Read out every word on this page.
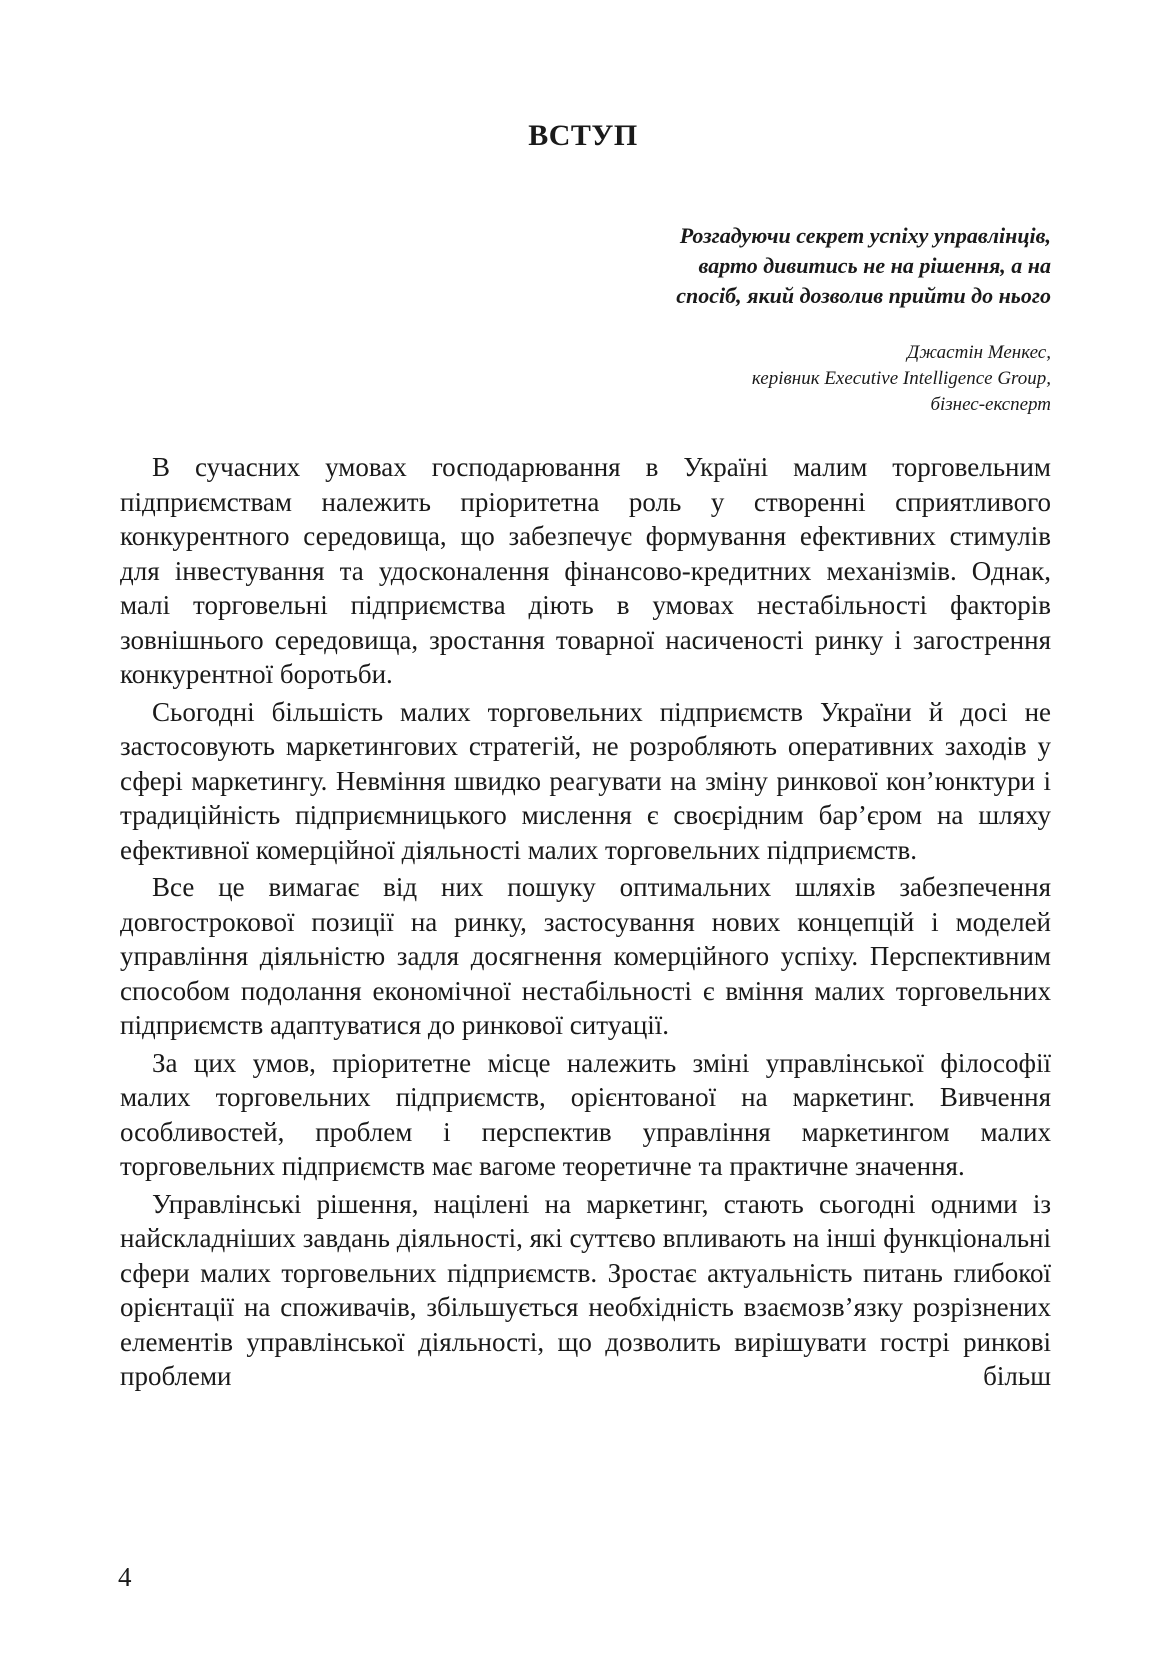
ВСТУП
Розгадуючи секрет успіху управлінців,
варто дивитись не на рішення, а на
спосіб, який дозволив прийти до нього
Джастін Менкес,
керівник Executive Intelligence Group,
бізнес-експерт

В сучасних умовах господарювання в Україні малим торговельним підприємствам належить пріоритетна роль у створенні сприятливого конкурентного середовища, що забезпечує формування ефективних стимулів для інвестування та удосконалення фінансово-кредитних механізмів. Однак, малі торговельні підприємства діють в умовах нестабільності факторів зовнішнього середовища, зростання товарної насиченості ринку і загострення конкурентної боротьби.

Сьогодні більшість малих торговельних підприємств України й досі не застосовують маркетингових стратегій, не розробляють оперативних заходів у сфері маркетингу. Невміння швидко реагувати на зміну ринкової кон’юнктури і традиційність підприємницького мислення є своєрідним бар’єром на шляху ефективної комерційної діяльності малих торговельних підприємств.

Все це вимагає від них пошуку оптимальних шляхів забезпечення довгострокової позиції на ринку, застосування нових концепцій і моделей управління діяльністю задля досягнення комерційного успіху. Перспективним способом подолання економічної нестабільності є вміння малих торговельних підприємств адаптуватися до ринкової ситуації.

За цих умов, пріоритетне місце належить зміні управлінської філософії малих торговельних підприємств, орієнтованої на маркетинг. Вивчення особливостей, проблем і перспектив управління маркетингом малих торговельних підприємств має вагоме теоретичне та практичне значення.

Управлінські рішення, націлені на маркетинг, стають сьогодні одними із найскладніших завдань діяльності, які суттєво впливають на інші функціональні сфери малих торговельних підприємств. Зростає актуальність питань глибокої орієнтації на споживачів, збільшується необхідність взаємозв’язку розрізнених елементів управлінської діяльності, що дозволить вирішувати гострі ринкові проблеми більш

4
